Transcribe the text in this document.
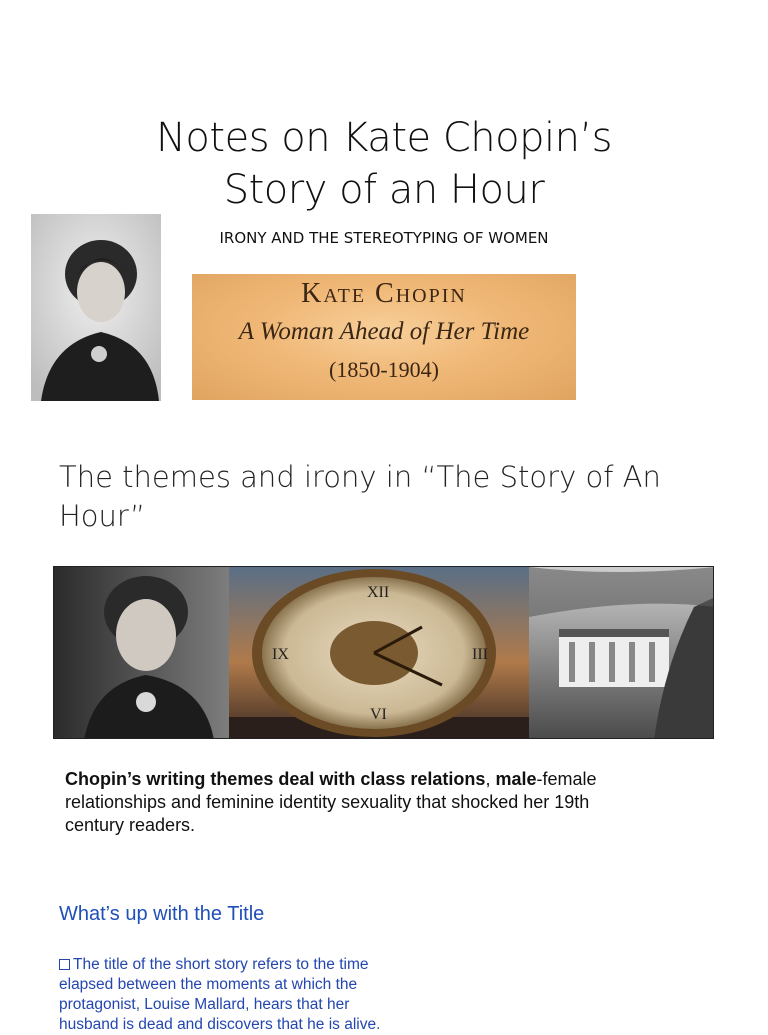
Notes on Kate Chopin’s
Story of an Hour
IRONY AND THE STEREOTYPING OF WOMEN
Kate Chopin
A Woman Ahead of Her Time
(1850-1904)
The themes and irony in “The Story of An Hour”
XII
III
VI
IX
Chopin’s writing themes deal with class relations, male-female relationships and feminine identity sexuality that shocked her 19th century readers.
What’s up with the Title
The title of the short story refers to the time elapsed between the moments at which the protagonist, Louise Mallard, hears that her husband is dead and discovers that he is alive.
